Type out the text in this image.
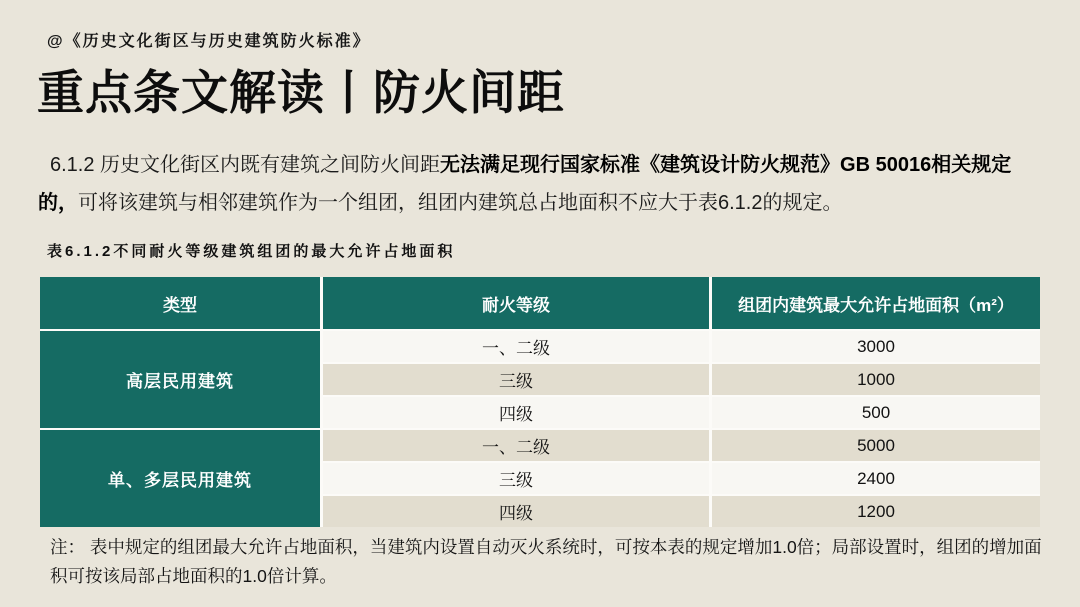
@《历史文化街区与历史建筑防火标准》
重点条文解读丨防火间距

6.1.2 历史文化街区内既有建筑之间防火间距无法满足现行国家标准《建筑设计防火规范》GB 50016相关规定的，可将该建筑与相邻建筑作为一个组团，组团内建筑总占地面积不应大于表6.1.2的规定。

表6.1.2不同耐火等级建筑组团的最大允许占地面积
类型	耐火等级	组团内建筑最大允许占地面积（m²）
高层民用建筑
一、二级	3000
三级	1000
四级	500
单、多层民用建筑
一、二级	5000
三级	2400
四级	1200

注： 表中规定的组团最大允许占地面积，当建筑内设置自动灭火系统时，可按本表的规定增加1.0倍；局部设置时，组团的增加面积可按该局部占地面积的1.0倍计算。
